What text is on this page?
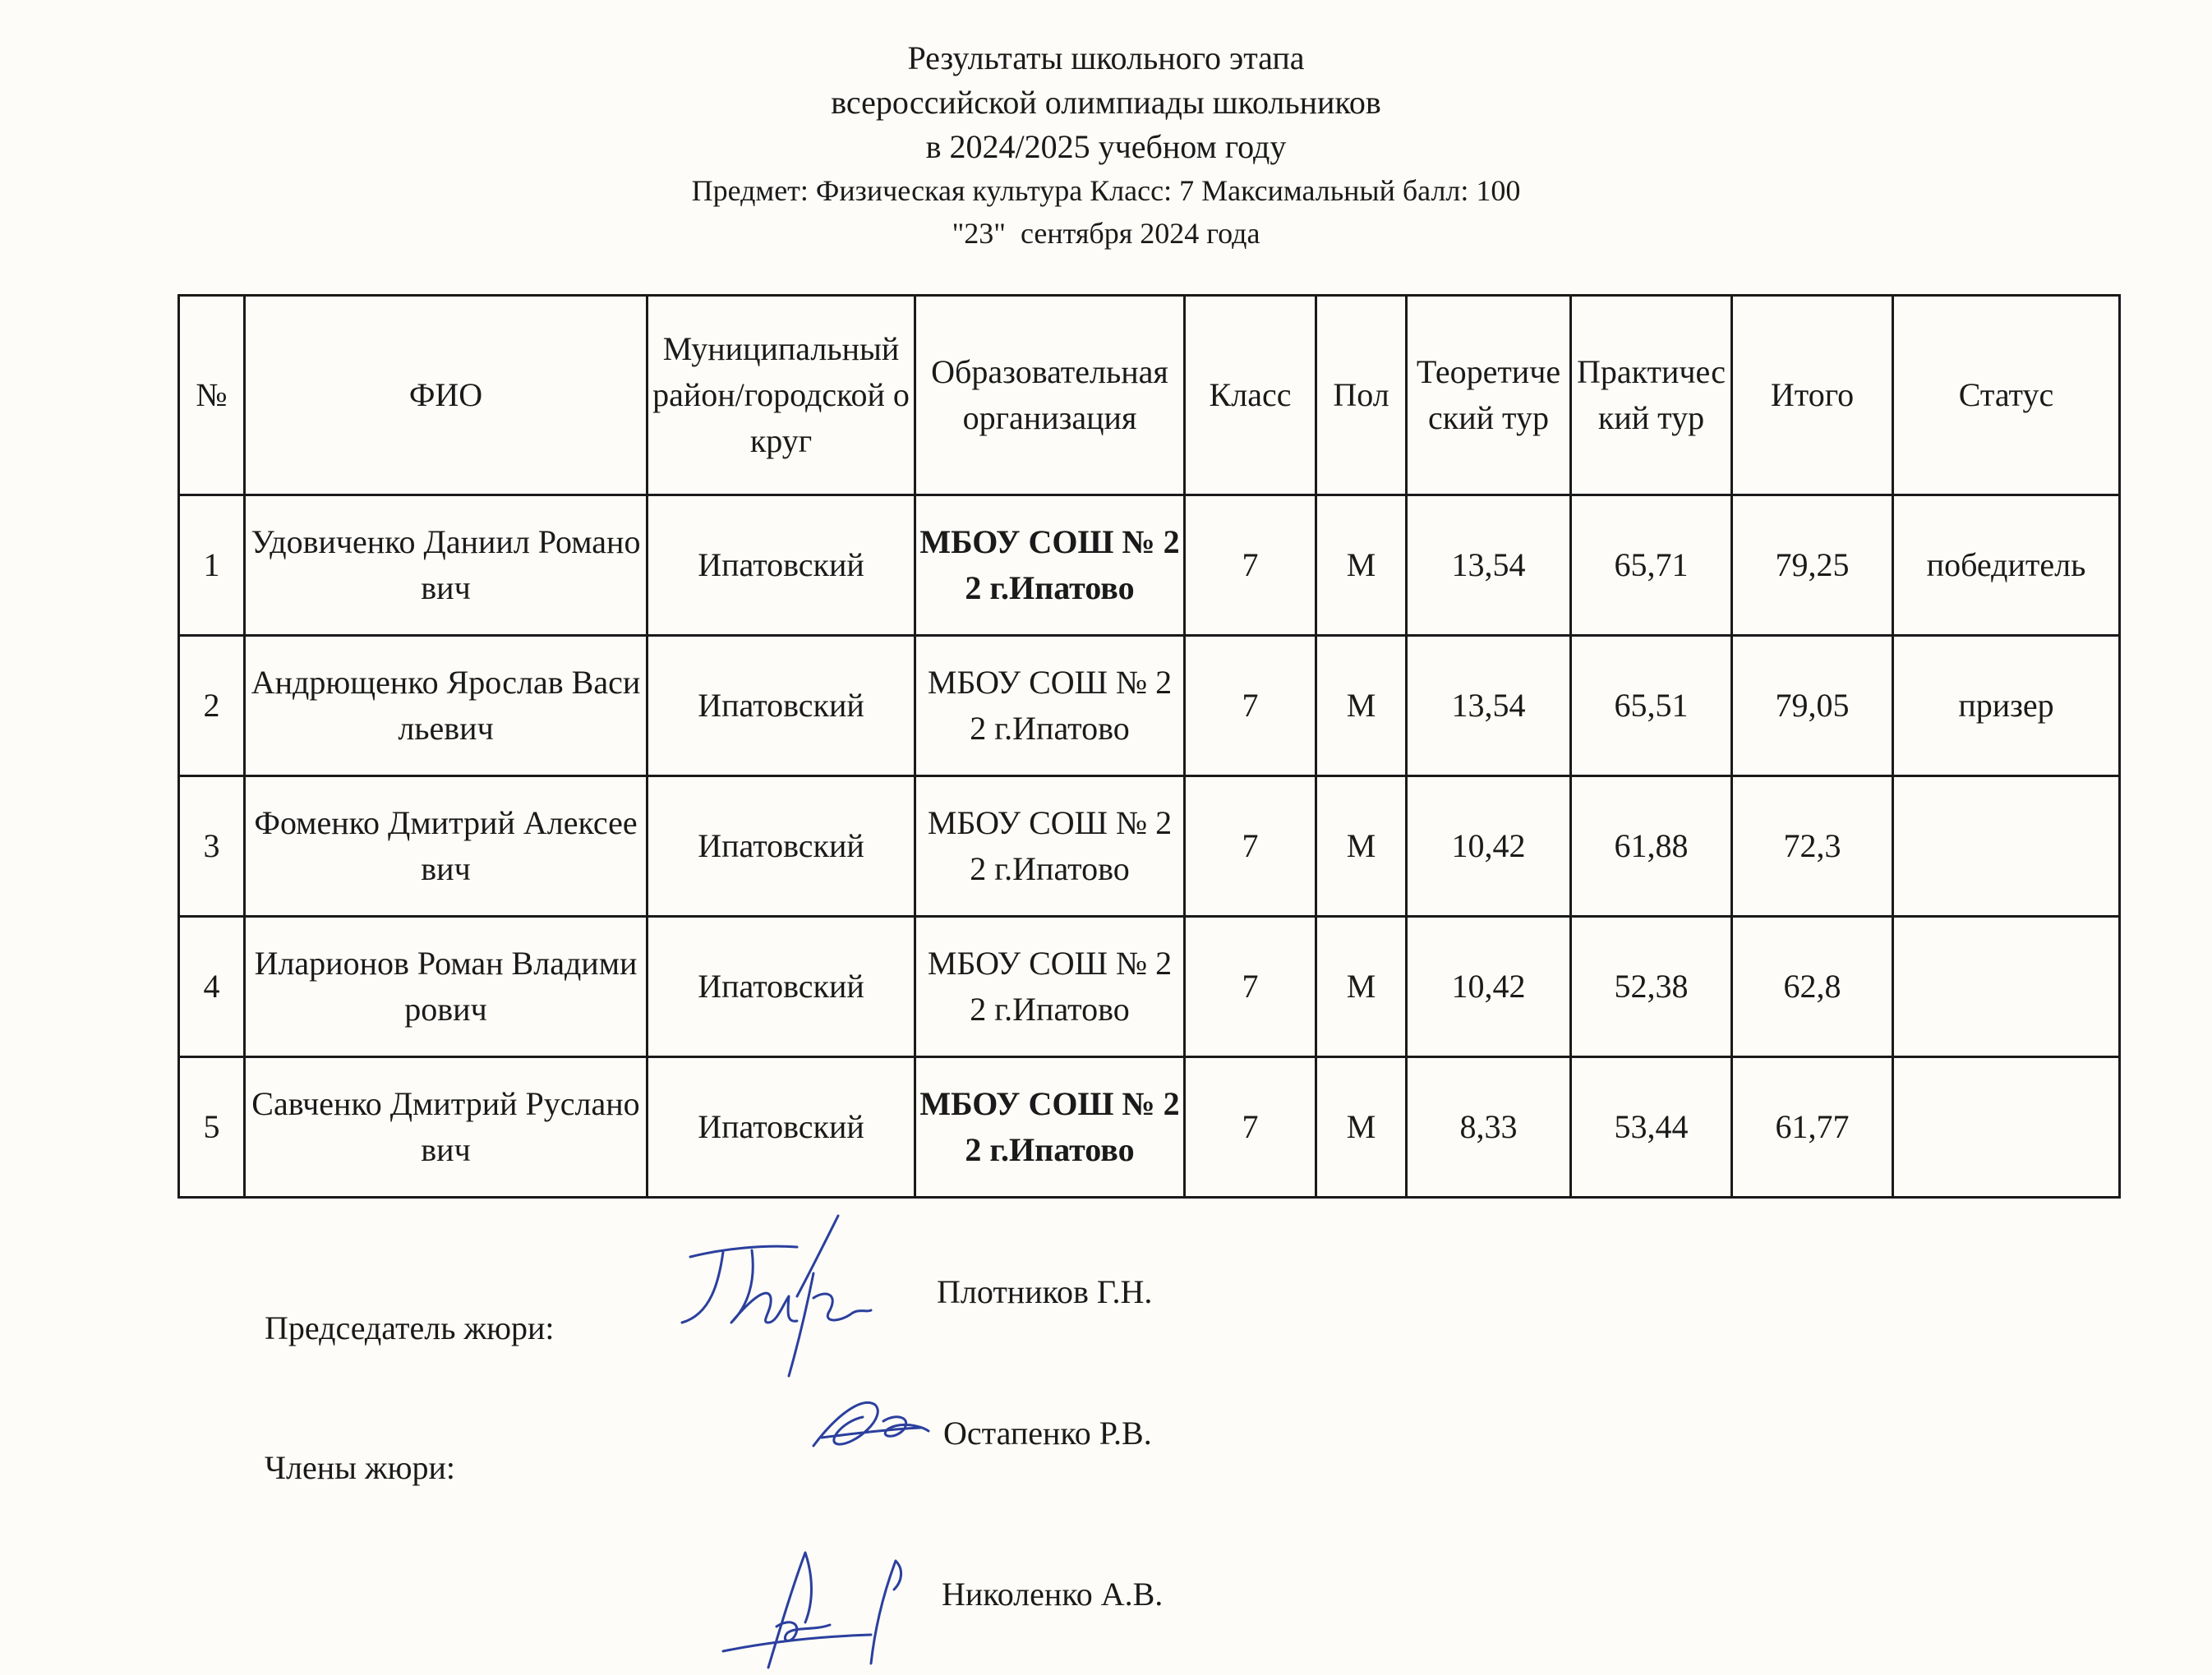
Результаты школьного этапа
всероссийской олимпиады школьников
в 2024/2025 учебном году
Предмет: Физическая культура Класс: 7 Максимальный балл: 100
"23"  сентября 2024 года
№	ФИО	Муниципальный район/городской округ	Образовательная организация	Класс	Пол	Теоретический тур	Практический тур	Итого	Статус
1	Удовиченко Даниил Романович	Ипатовский	МБОУ СОШ № 22 г.Ипатово	7	М	13,54	65,71	79,25	победитель
2	Андрющенко Ярослав Васильевич	Ипатовский	МБОУ СОШ № 22 г.Ипатово	7	М	13,54	65,51	79,05	призер
3	Фоменко Дмитрий Алексеевич	Ипатовский	МБОУ СОШ № 22 г.Ипатово	7	М	10,42	61,88	72,3	
4	Иларионов Роман Владимирович	Ипатовский	МБОУ СОШ № 22 г.Ипатово	7	М	10,42	52,38	62,8	
5	Савченко Дмитрий Русланович	Ипатовский	МБОУ СОШ № 22 г.Ипатово	7	М	8,33	53,44	61,77	
Председатель жюри:
Плотников Г.Н.
Члены жюри:
Остапенко Р.В.
Николенко А.В.
